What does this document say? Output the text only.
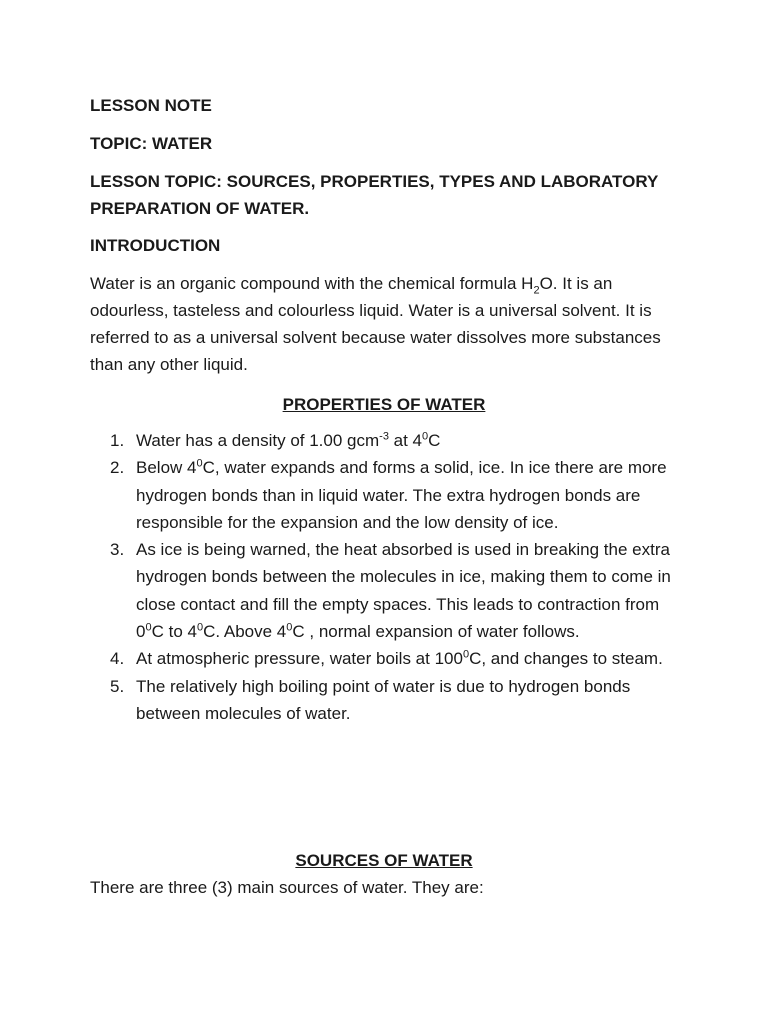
LESSON NOTE
TOPIC: WATER
LESSON TOPIC: SOURCES, PROPERTIES, TYPES AND LABORATORY
PREPARATION OF WATER.
INTRODUCTION

Water is an organic compound with the chemical formula $H_2O$. It is an odourless, tasteless and colourless liquid. Water is a universal solvent. It is referred to as a universal solvent because water dissolves more substances than any other liquid.

PROPERTIES OF WATER
1. Water has a density of 1.00 gcm$^{-3}$ at $4^0C$
2. Below $4^0C$, water expands and forms a solid, ice. In ice there are more hydrogen bonds than in liquid water. The extra hydrogen bonds are responsible for the expansion and the low density of ice.
3. As ice is being warned, the heat absorbed is used in breaking the extra hydrogen bonds between the molecules in ice, making them to come in close contact and fill the empty spaces. This leads to contraction from $0^0C$ to $4^0C$. Above $4^0C$ , normal expansion of water follows.
4. At atmospheric pressure, water boils at $100^0C$, and changes to steam.
5. The relatively high boiling point of water is due to hydrogen bonds between molecules of water.
SOURCES OF WATER

There are three (3) main sources of water. They are:
